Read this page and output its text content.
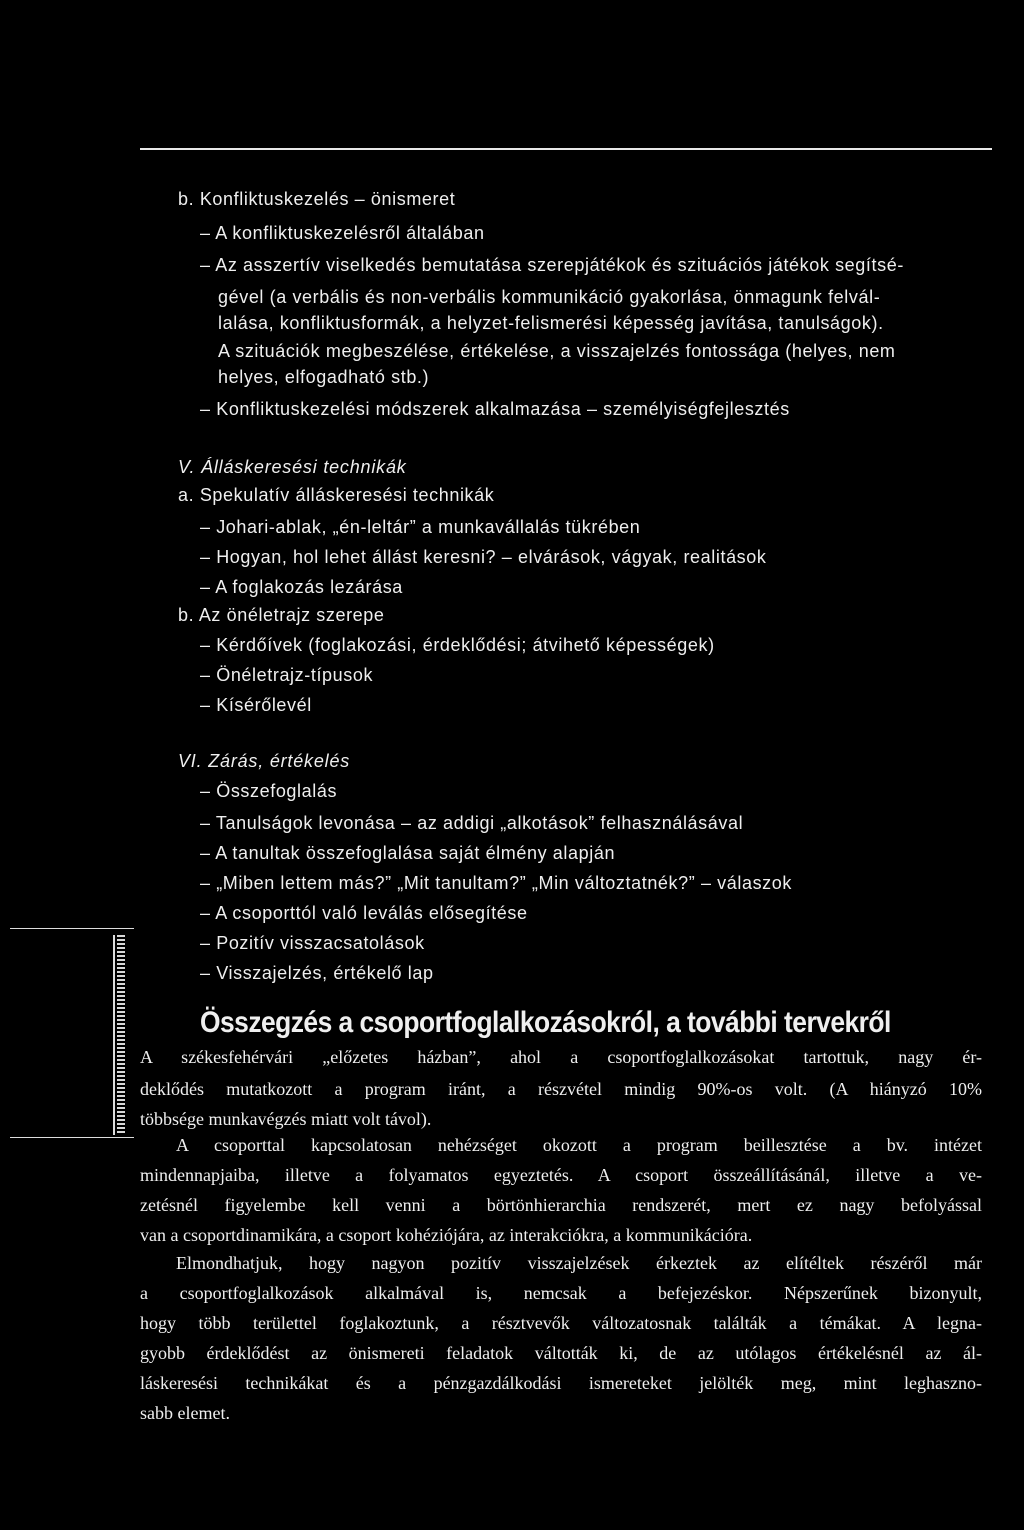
b. Konfliktuskezelés – önismeret
– A konfliktuskezelésről általában
– Az asszertív viselkedés bemutatása szerepjátékok és szituációs játékok segítsé-
gével (a verbális és non-verbális kommunikáció gyakorlása, önmagunk felvál-
lalása, konfliktusformák, a helyzet-felismerési képesség javítása, tanulságok).
A szituációk megbeszélése, értékelése, a visszajelzés fontossága (helyes, nem
helyes, elfogadható stb.)
– Konfliktuskezelési módszerek alkalmazása – személyiségfejlesztés
V. Álláskeresési technikák
a. Spekulatív álláskeresési technikák
– Johari-ablak, „én-leltár” a munkavállalás tükrében
– Hogyan, hol lehet állást keresni? – elvárások, vágyak, realitások
– A foglakozás lezárása
b. Az önéletrajz szerepe
– Kérdőívek (foglakozási, érdeklődési; átvihető képességek)
– Önéletrajz-típusok
– Kísérőlevél
VI. Zárás, értékelés
– Összefoglalás
– Tanulságok levonása – az addigi „alkotások” felhasználásával
– A tanultak összefoglalása saját élmény alapján
– „Miben lettem más?” „Mit tanultam?” „Min változtatnék?” – válaszok
– A csoporttól való leválás elősegítése
– Pozitív visszacsatolások
– Visszajelzés, értékelő lap
Összegzés a csoportfoglalkozásokról, a további tervekről
A székesfehérvári „előzetes házban”, ahol a csoportfoglalkozásokat tartottuk, nagy ér-
deklődés mutatkozott a program iránt, a részvétel mindig 90%-os volt. (A hiányzó 10%
többsége munkavégzés miatt volt távol).
A csoporttal kapcsolatosan nehézséget okozott a program beillesztése a bv. intézet
mindennapjaiba, illetve a folyamatos egyeztetés. A csoport összeállításánál, illetve a ve-
zetésnél figyelembe kell venni a börtönhierarchia rendszerét, mert ez nagy befolyással
van a csoportdinamikára, a csoport kohéziójára, az interakciókra, a kommunikációra.
Elmondhatjuk, hogy nagyon pozitív visszajelzések érkeztek az elítéltek részéről már
a csoportfoglalkozások alkalmával is, nemcsak a befejezéskor. Népszerűnek bizonyult,
hogy több területtel foglakoztunk, a résztvevők változatosnak találták a témákat. A legna-
gyobb érdeklődést az önismereti feladatok váltották ki, de az utólagos értékelésnél az ál-
láskeresési technikákat és a pénzgazdálkodási ismereteket jelölték meg, mint leghaszno-
sabb elemet.
